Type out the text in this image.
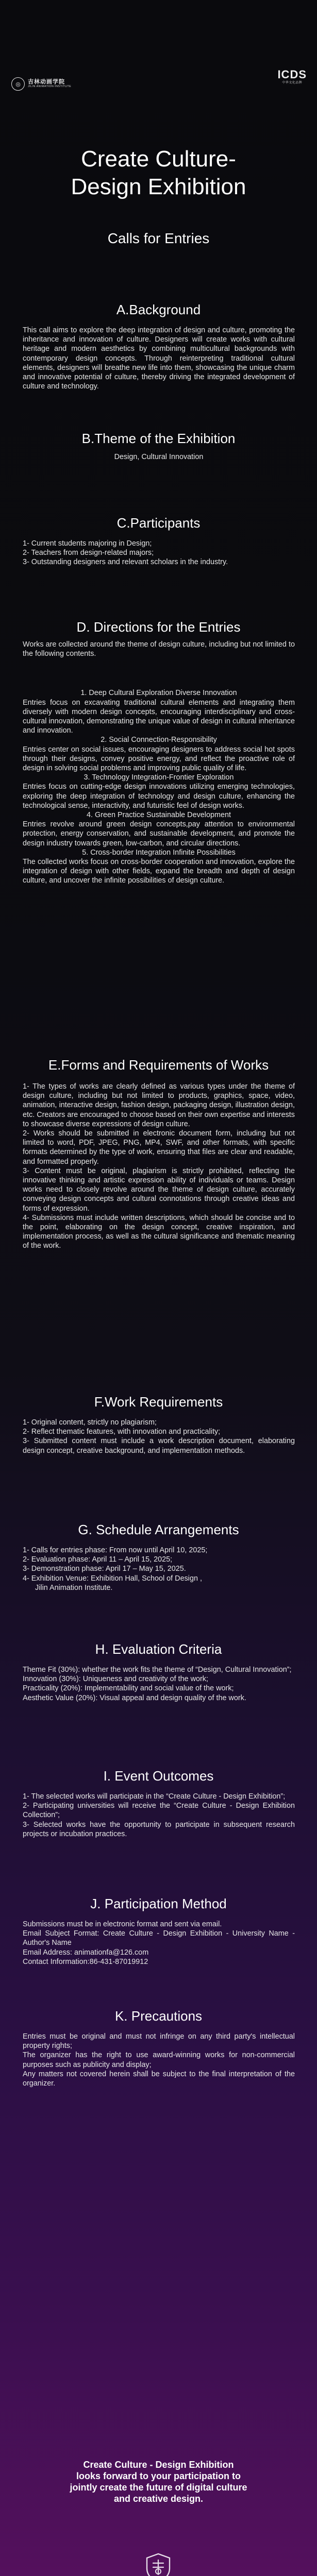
◎	吉林动画学院
JILIN ANIMATION INSTITUTE
ICDS
中华文化品牌
Create Culture-
Design Exhibition
Calls for Entries
A.Background

This call aims to explore the deep integration of design and culture, promoting the inheritance and innovation of culture. Designers will create works with cultural heritage and modern aesthetics by combining multicultural backgrounds with contemporary design concepts. Through reinterpreting traditional cultural elements, designers will breathe new life into them, showcasing the unique charm and innovative potential of culture, thereby driving the integrated development of culture and technology.

B.Theme of the Exhibition

Design, Cultural Innovation

C.Participants

1- Current students majoring in Design;

2- Teachers from design-related majors;

3- Outstanding designers and relevant scholars in the industry.

D. Directions for the Entries

Works are collected around the theme of design culture, including but not limited to the following contents.

1. Deep Cultural Exploration Diverse Innovation

Entries focus on excavating traditional cultural elements and integrating them diversely with modern design concepts, encouraging interdisciplinary and cross-cultural innovation, demonstrating the unique value of design in cultural inheritance and innovation.

2. Social Connection-Responsibility

Entries center on social issues, encouraging designers to address social hot spots through their designs, convey positive energy, and reflect the proactive role of design in solving social problems and improving public quality of life.

3. Technology Integration-Frontier Exploration

Entries focus on cutting-edge design innovations utilizing emerging technologies, exploring the deep integration of technology and design culture, enhancing the technological sense, interactivity, and futuristic feel of design works.

4. Green Practice Sustainable Development

Entries revolve around green design concepts,pay attention to environmental protection, energy conservation, and sustainable development, and promote the design industry towards green, low-carbon, and circular directions.

5. Cross-border Integration Infinite Possibilities

The collected works focus on cross-border cooperation and innovation, explore the integration of design with other fields, expand the breadth and depth of design culture, and uncover the infinite possibilities of design culture.

E.Forms and Requirements of Works

1- The types of works are clearly defined as various types under the theme of design culture, including but not limited to products, graphics, space, video, animation, interactive design, fashion design, packaging design, illustration design, etc. Creators are encouraged to choose based on their own expertise and interests to showcase diverse expressions of design culture.

2- Works should be submitted in electronic document form, including but not limited to word, PDF, JPEG, PNG, MP4, SWF, and other formats, with specific formats determined by the type of work, ensuring that files are clear and readable, and formatted properly.

3- Content must be original, plagiarism is strictly prohibited, reflecting the innovative thinking and artistic expression ability of individuals or teams. Design works need to closely revolve around the theme of design culture, accurately conveying design concepts and cultural connotations through creative ideas and forms of expression.

4- Submissions must include written descriptions, which should be concise and to the point, elaborating on the design concept, creative inspiration, and implementation process, as well as the cultural significance and thematic meaning of the work.

F.Work Requirements

1- Original content, strictly no plagiarism;

2- Reflect thematic features, with innovation and practicality;

3- Submitted content must include a work description document, elaborating design concept, creative background, and implementation methods.

G. Schedule Arrangements

1- Calls for entries phase: From now until April 10, 2025;

2- Evaluation phase: April 11 – April 15, 2025;

3- Demonstration phase: April 17 – May 15, 2025.

4- Exhibition Venue: Exhibition Hall, School of Design ,

Jilin Animation Institute.

H. Evaluation Criteria

Theme Fit (30%): whether the work fits the theme of “Design, Cultural Innovation”;

Innovation (30%): Uniqueness and creativity of the work;

Practicality (20%): Implementability and social value of the work;

Aesthetic Value (20%): Visual appeal and design quality of the work.

I. Event Outcomes

1- The selected works will participate in the “Create Culture - Design Exhibition”;

2- Participating universities will receive the “Create Culture - Design Exhibition Collection”;

3- Selected works have the opportunity to participate in subsequent research projects or incubation practices.

J. Participation Method

Submissions must be in electronic format and sent via email.

Email Subject Format: Create Culture - Design Exhibition - University Name - Author's Name

Email Address: animationfa@126.com

Contact Information:86-431-87019912

K. Precautions

Entries must be original and must not infringe on any third party's intellectual property rights;

The organizer has the right to use award-winning works for non-commercial purposes such as publicity and display;

Any matters not covered herein shall be subject to the final interpretation of the organizer.

Create Culture - Design Exhibition

looks forward to your participation to

jointly create the future of digital culture

and creative design.
